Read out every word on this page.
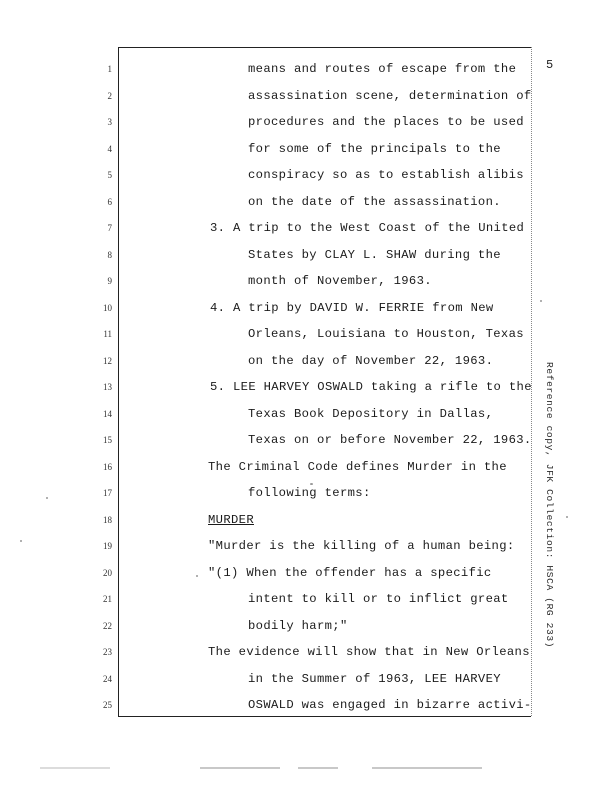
5
Reference copy, JFK Collection: HSCA (RG 233)
1	means and routes of escape from the
2	assassination scene, determination of
3	procedures and the places to be used
4	for some of the principals to the
5	conspiracy so as to establish alibis
6	on the date of the assassination.
7	3. A trip to the West Coast of the United
8	States by CLAY L. SHAW during the
9	month of November, 1963.
10	4. A trip by DAVID W. FERRIE from New
11	Orleans, Louisiana to Houston, Texas
12	on the day of November 22, 1963.
13	5. LEE HARVEY OSWALD taking a rifle to the
14	Texas Book Depository in Dallas,
15	Texas on or before November 22, 1963.
16	The Criminal Code defines Murder in the
17	following terms:
18	MURDER
19	"Murder is the killing of a human being:
20	"(1) When the offender has a specific
21	intent to kill or to inflict great
22	bodily harm;"
23	The evidence will show that in New Orleans
24	in the Summer of 1963, LEE HARVEY
25	OSWALD was engaged in bizarre activi-
